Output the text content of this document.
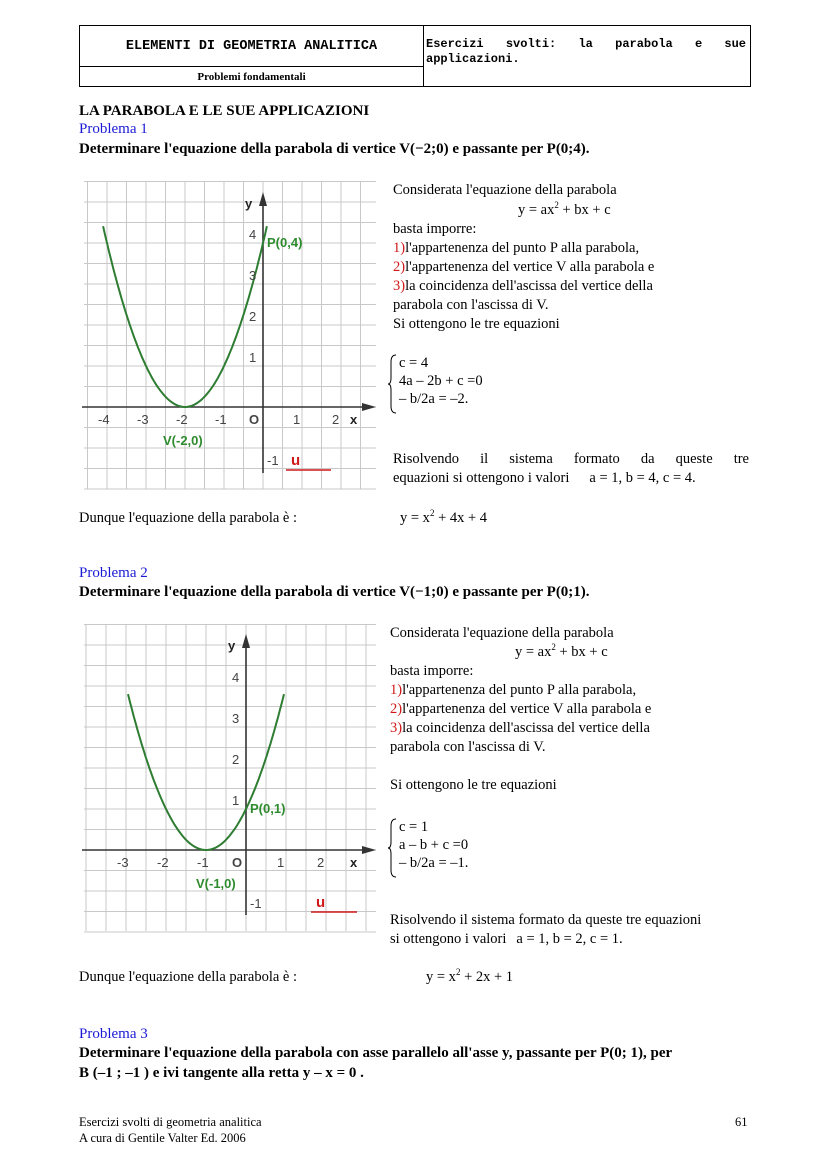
ELEMENTI DI GEOMETRIA ANALITICA
Problemi fondamentali
Esercizi svolti: la parabola e sue
applicazioni.
LA PARABOLA E LE SUE APPLICAZIONI
Problema 1
Determinare l'equazione della parabola di vertice V(−2;0) e passante per P(0;4).
-4 -3 -2 -1	1 2
1
2
3
4
-1
O	x
y
P(0,4)
V(-2,0)
u
Considerata l'equazione della parabola
$y = ax^2$ + bx + c
basta imporre:
1)l'appartenenza del punto P alla parabola,
2)l'appartenenza del vertice V alla parabola e
3)la coincidenza dell'ascissa del vertice della
parabola con l'ascissa di V.
Si ottengono le tre equazioni
c = 4
4a – 2b + c =0
– b/2a = –2.
Risolvendo il sistema formato da queste tre
equazioni si ottengono i valori a = 1, b = 4, c = 4.
Dunque l'equazione della parabola è :	$y = x^2 + 4x + 4$
Problema 2
Determinare l'equazione della parabola di vertice V(−1;0) e passante per P(0;1).
-3 -2 -1	1	2
1
2
3
4
-1
O	x
y
P(0,1)
V(-1,0)
u
Considerata l'equazione della parabola
$y = ax^2$ + bx + c
basta imporre:
1)l'appartenenza del punto P alla parabola,
2)l'appartenenza del vertice V alla parabola e
3)la coincidenza dell'ascissa del vertice della
parabola con l'ascissa di V.
Si ottengono le tre equazioni
c = 1
a – b + c =0
– b/2a = –1.
Risolvendo il sistema formato da queste tre equazioni
si ottengono i valori a = 1, b = 2, c = 1.
Dunque l'equazione della parabola è :	$y = x^2 + 2x + 1$
Problema 3
Determinare l'equazione della parabola con asse parallelo all'asse y, passante per P(0; 1), per
B (–1 ; –1 ) e ivi tangente alla retta y – x = 0 .
Esercizi svolti di geometria analitica
A cura di Gentile Valter Ed. 2006
61
